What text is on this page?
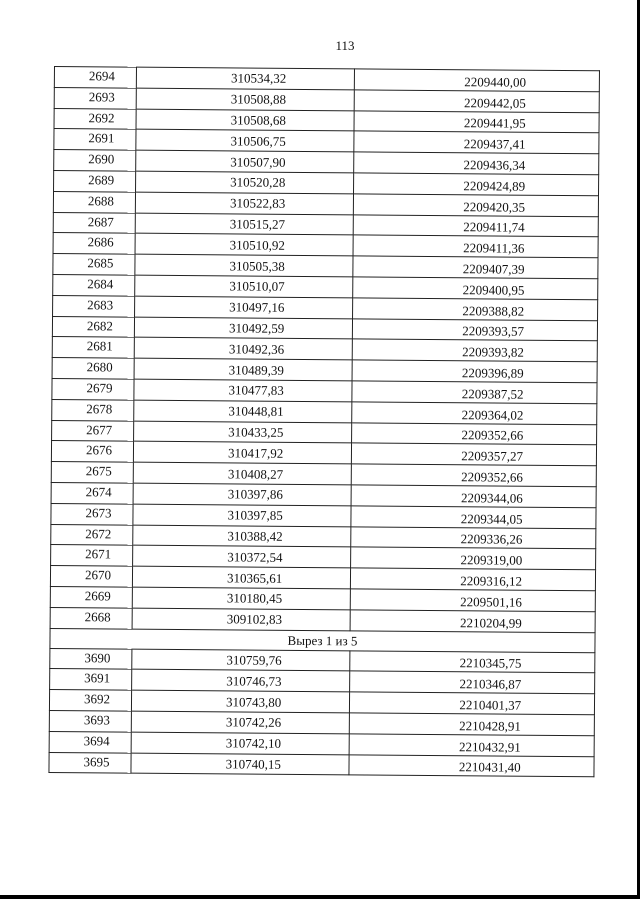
113
2694	310534,32	2209440,00
2693	310508,88	2209442,05
2692	310508,68	2209441,95
2691	310506,75	2209437,41
2690	310507,90	2209436,34
2689	310520,28	2209424,89
2688	310522,83	2209420,35
2687	310515,27	2209411,74
2686	310510,92	2209411,36
2685	310505,38	2209407,39
2684	310510,07	2209400,95
2683	310497,16	2209388,82
2682	310492,59	2209393,57
2681	310492,36	2209393,82
2680	310489,39	2209396,89
2679	310477,83	2209387,52
2678	310448,81	2209364,02
2677	310433,25	2209352,66
2676	310417,92	2209357,27
2675	310408,27	2209352,66
2674	310397,86	2209344,06
2673	310397,85	2209344,05
2672	310388,42	2209336,26
2671	310372,54	2209319,00
2670	310365,61	2209316,12
2669	310180,45	2209501,16
2668	309102,83	2210204,99
Вырез 1 из 5		
3690	310759,76	2210345,75
3691	310746,73	2210346,87
3692	310743,80	2210401,37
3693	310742,26	2210428,91
3694	310742,10	2210432,91
3695	310740,15	2210431,40
